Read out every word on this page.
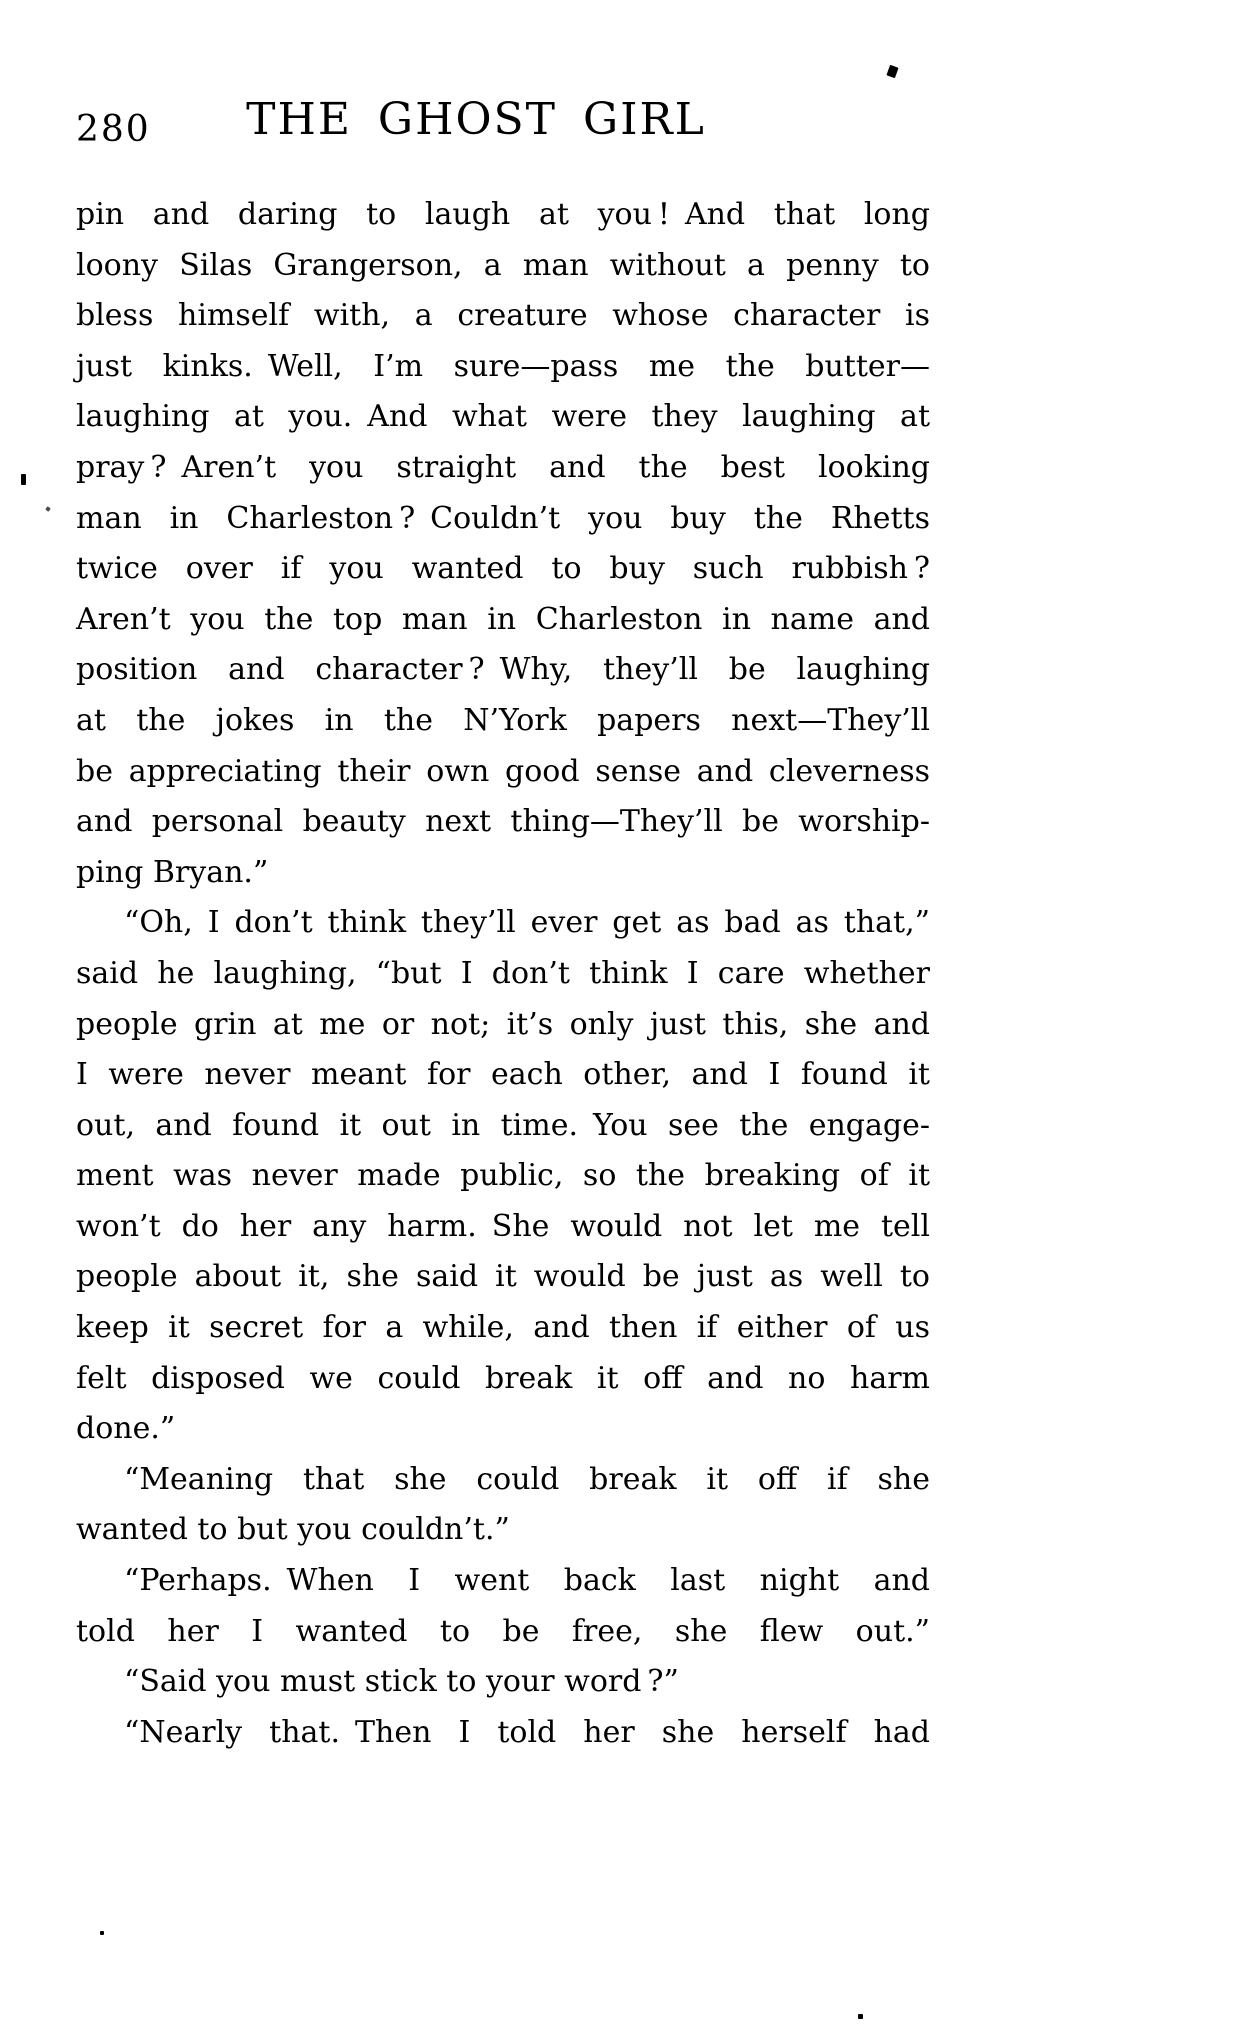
280	THE GHOST GIRL
pin and daring to laugh at you ! And that long
loony Silas Grangerson, a man without a penny to
bless himself with, a creature whose character is
just kinks. Well, I’m sure—pass me the butter—
laughing at you. And what were they laughing at
pray ? Aren’t you straight and the best looking
man in Charleston ? Couldn’t you buy the Rhetts
twice over if you wanted to buy such rubbish ?
Aren’t you the top man in Charleston in name and
position and character ? Why, they’ll be laughing
at the jokes in the N’York papers next—They’ll
be appreciating their own good sense and cleverness
and personal beauty next thing—They’ll be worship-
ping Bryan.”
“Oh, I don’t think they’ll ever get as bad as that,”
said he laughing, “but I don’t think I care whether
people grin at me or not; it’s only just this, she and
I were never meant for each other, and I found it
out, and found it out in time. You see the engage-
ment was never made public, so the breaking of it
won’t do her any harm. She would not let me tell
people about it, she said it would be just as well to
keep it secret for a while, and then if either of us
felt disposed we could break it off and no harm
done.”
“Meaning that she could break it off if she
wanted to but you couldn’t.”
“Perhaps. When I went back last night and
told her I wanted to be free, she flew out.”
“Said you must stick to your word ?”
“Nearly that. Then I told her she herself had
